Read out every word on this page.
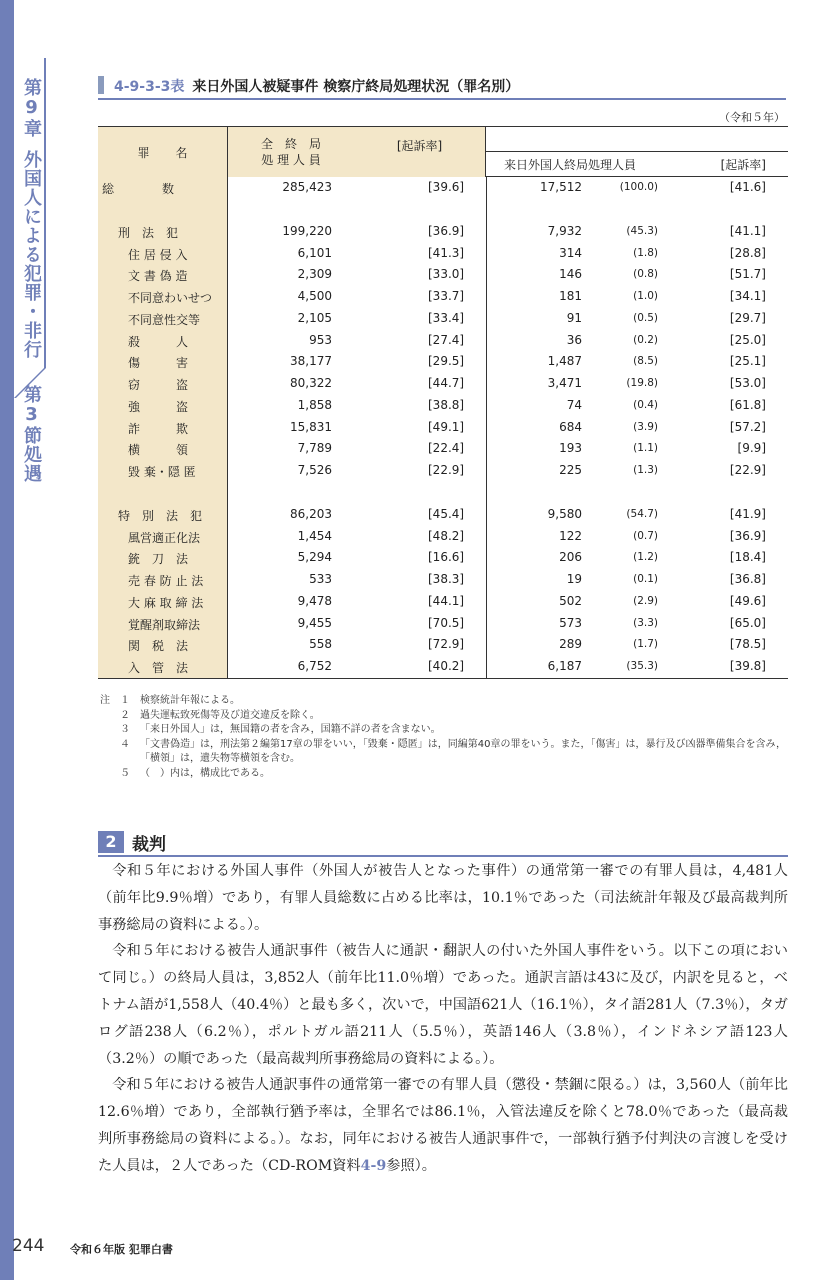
第9章
外国人による犯罪・非行
第3節
処遇
4-9-3-3表 来日外国人被疑事件 検察庁終局処理状況（罪名別）
（令和５年）
罪名
全　終　局
処 理 人 員
[起訴率]
来日外国人終局処理人員	[起訴率]
総　　　　数	285,423	[39.6]	17,512	(100.0)	[41.6]
刑　法　犯	199,220	[36.9]	7,932	(45.3)	[41.1]
住 居 侵 入	6,101	[41.3]	314	(1.8)	[28.8]
文 書 偽 造	2,309	[33.0]	146	(0.8)	[51.7]
不同意わいせつ	4,500	[33.7]	181	(1.0)	[34.1]
不同意性交等	2,105	[33.4]	91	(0.5)	[29.7]
殺　　　人	953	[27.4]	36	(0.2)	[25.0]
傷　　　害	38,177	[29.5]	1,487	(8.5)	[25.1]
窃　　　盗	80,322	[44.7]	3,471	(19.8)	[53.0]
強　　　盗	1,858	[38.8]	74	(0.4)	[61.8]
詐　　　欺	15,831	[49.1]	684	(3.9)	[57.2]
横　　　領	7,789	[22.4]	193	(1.1)	[9.9]
毀 棄・隠 匿	7,526	[22.9]	225	(1.3)	[22.9]
特　別　法　犯	86,203	[45.4]	9,580	(54.7)	[41.9]
風営適正化法	1,454	[48.2]	122	(0.7)	[36.9]
銃　刀　法	5,294	[16.6]	206	(1.2)	[18.4]
売 春 防 止 法	533	[38.3]	19	(0.1)	[36.8]
大 麻 取 締 法	9,478	[44.1]	502	(2.9)	[49.6]
覚醒剤取締法	9,455	[70.5]	573	(3.3)	[65.0]
関　税　法	558	[72.9]	289	(1.7)	[78.5]
入　管　法	6,752	[40.2]	6,187	(35.3)	[39.8]
注　１	検察統計年報による。
　　２	過失運転致死傷等及び道交違反を除く。
　　３	「来日外国人」は，無国籍の者を含み，国籍不詳の者を含まない。
　　４	「文書偽造」は，刑法第２編第17章の罪をいい，「毀棄・隠匿」は，同編第40章の罪をいう。また，「傷害」は，暴行及び凶器準備集合を含み，「横領」は，遺失物等横領を含む。
　　５	（　）内は，構成比である。
2 裁判

令和５年における外国人事件（外国人が被告人となった事件）の通常第一審での有罪人員は，4,481人（前年比9.9％増）であり，有罪人員総数に占める比率は，10.1％であった（司法統計年報及び最高裁判所事務総局の資料による。）。

令和５年における被告人通訳事件（被告人に通訳・翻訳人の付いた外国人事件をいう。以下この項において同じ。）の終局人員は，3,852人（前年比11.0％増）であった。通訳言語は43に及び，内訳を見ると，ベトナム語が1,558人（40.4％）と最も多く，次いで，中国語621人（16.1％），タイ語281人（7.3％），タガログ語238人（6.2％），ポルトガル語211人（5.5％），英語146人（3.8％），インドネシア語123人（3.2％）の順であった（最高裁判所事務総局の資料による。）。

令和５年における被告人通訳事件の通常第一審での有罪人員（懲役・禁錮に限る。）は，3,560人（前年比12.6％増）であり，全部執行猶予率は，全罪名では86.1％，入管法違反を除くと78.0％であった（最高裁判所事務総局の資料による。）。なお，同年における被告人通訳事件で，一部執行猶予付判決の言渡しを受けた人員は，２人であった（CD-ROM資料4-9参照）。

244 令和６年版 犯罪白書
